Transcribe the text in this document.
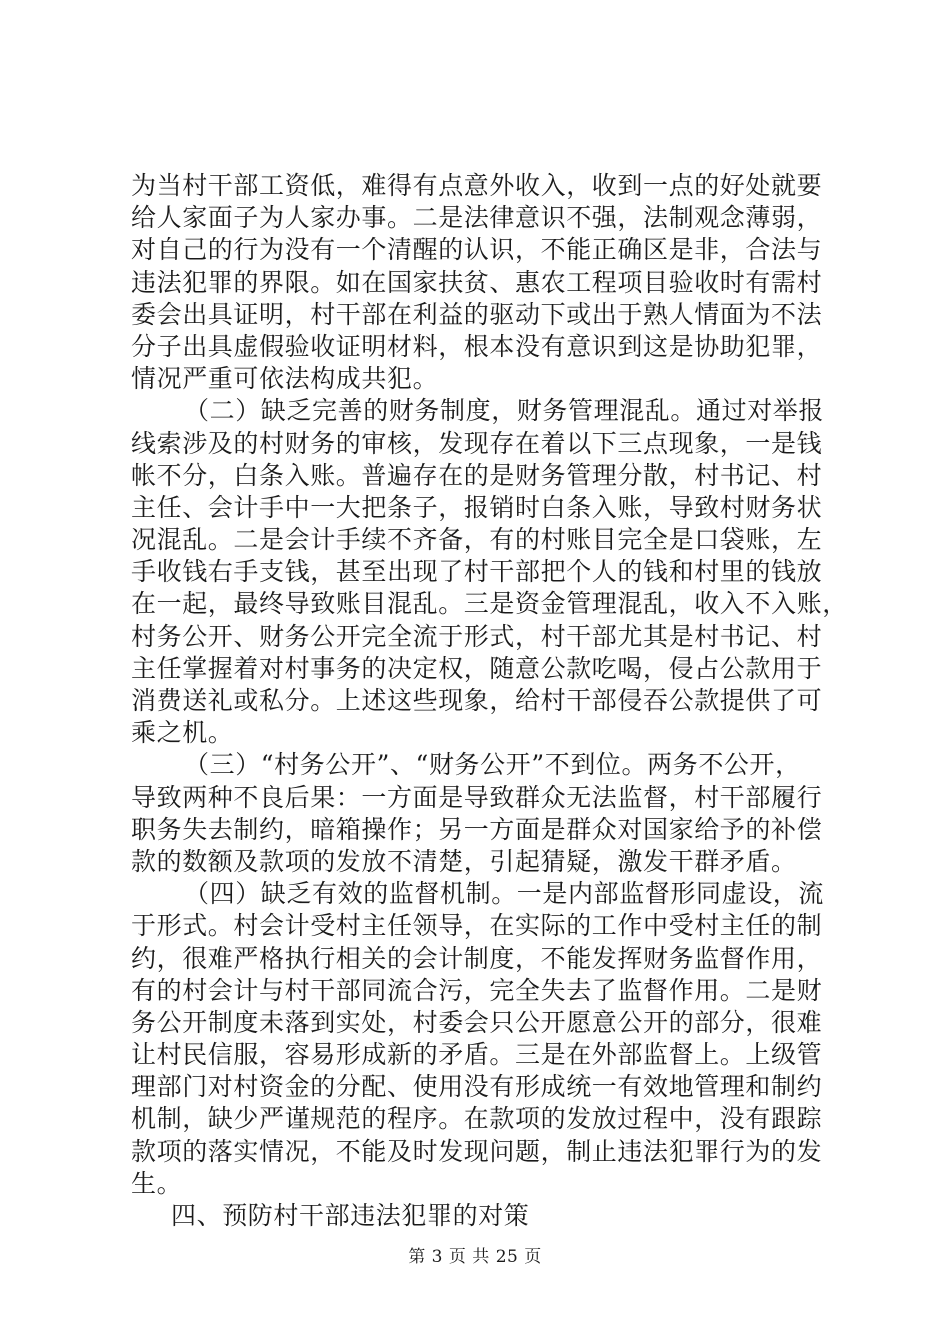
为当村干部工资低，难得有点意外收入，收到一点的好处就要
给人家面子为人家办事。二是法律意识不强，法制观念薄弱，
对自己的行为没有一个清醒的认识，不能正确区是非，合法与
违法犯罪的界限。如在国家扶贫、惠农工程项目验收时有需村
委会出具证明，村干部在利益的驱动下或出于熟人情面为不法
分子出具虚假验收证明材料，根本没有意识到这是协助犯罪，
情况严重可依法构成共犯。
（二）缺乏完善的财务制度，财务管理混乱。通过对举报
线索涉及的村财务的审核，发现存在着以下三点现象，一是钱
帐不分，白条入账。普遍存在的是财务管理分散，村书记、村
主任、会计手中一大把条子，报销时白条入账，导致村财务状
况混乱。二是会计手续不齐备，有的村账目完全是口袋账，左
手收钱右手支钱，甚至出现了村干部把个人的钱和村里的钱放
在一起，最终导致账目混乱。三是资金管理混乱，收入不入账，
村务公开、财务公开完全流于形式，村干部尤其是村书记、村
主任掌握着对村事务的决定权，随意公款吃喝，侵占公款用于
消费送礼或私分。上述这些现象，给村干部侵吞公款提供了可
乘之机。
（三）“村务公开”、“财务公开”不到位。两务不公开，
导致两种不良后果：一方面是导致群众无法监督，村干部履行
职务失去制约，暗箱操作；另一方面是群众对国家给予的补偿
款的数额及款项的发放不清楚，引起猜疑，激发干群矛盾。
（四）缺乏有效的监督机制。一是内部监督形同虚设，流
于形式。村会计受村主任领导，在实际的工作中受村主任的制
约，很难严格执行相关的会计制度，不能发挥财务监督作用，
有的村会计与村干部同流合污，完全失去了监督作用。二是财
务公开制度未落到实处，村委会只公开愿意公开的部分，很难
让村民信服，容易形成新的矛盾。三是在外部监督上。上级管
理部门对村资金的分配、使用没有形成统一有效地管理和制约
机制，缺少严谨规范的程序。在款项的发放过程中，没有跟踪
款项的落实情况，不能及时发现问题，制止违法犯罪行为的发
生。
四、预防村干部违法犯罪的对策
第 3 页 共 25 页
